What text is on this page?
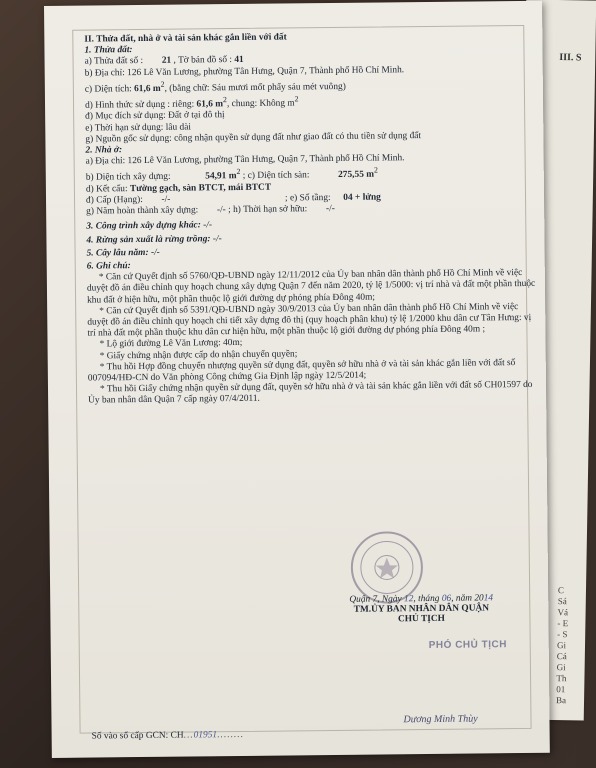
III. S
C
Sá
Vá
- E
- S
Gi
Cá
Gi
Th
01
Ba
II. Thửa đất, nhà ở và tài sản khác gắn liền với đất
1. Thửa đất:
a) Thửa đất số : 21 , Tờ bản đồ số : 41
b) Địa chỉ: 126 Lê Văn Lương, phường Tân Hưng, Quận 7, Thành phố Hồ Chí Minh.
c) Diện tích: 61,6 $m^2$, (bằng chữ: Sáu mươi mốt phẩy sáu mét vuông)
d) Hình thức sử dụng : riêng: 61,6 $m^2$, chung: Không $m^2$
đ) Mục đích sử dụng: Đất ở tại đô thị
e) Thời hạn sử dụng: lâu dài
g) Nguồn gốc sử dụng: công nhận quyền sử dụng đất như giao đất có thu tiền sử dụng đất
2. Nhà ở:
a) Địa chỉ: 126 Lê Văn Lương, phường Tân Hưng, Quận 7, Thành phố Hồ Chí Minh.
b) Diện tích xây dựng:	54,91 $m^2$ ; c) Diện tích sàn:	275,55 $m^2$
d) Kết cấu: Tường gạch, sàn BTCT, mái BTCT
đ) Cấp (Hạng): -/-	; e) Số tầng: 04 + lửng
g) Năm hoàn thành xây dựng: -/- ; h) Thời hạn sở hữu: -/-
3. Công trình xây dựng khác: -/-
4. Rừng sản xuất là rừng trồng: -/-
5. Cây lâu năm: -/-
6. Ghi chú:
* Căn cứ Quyết định số 5760/QĐ-UBND ngày 12/11/2012 của Ủy ban nhân dân thành phố Hồ Chí Minh về việc duyệt đồ án điều chỉnh quy hoạch chung xây dựng Quận 7 đến năm 2020, tỷ lệ 1/5000: vị trí nhà và đất một phần thuộc khu đất ở hiện hữu, một phần thuộc lộ giới đường dự phóng phía Đông 40m;
* Căn cứ Quyết định số 5391/QĐ-UBND ngày 30/9/2013 của Ủy ban nhân dân thành phố Hồ Chí Minh về việc duyệt đồ án điều chỉnh quy hoạch chi tiết xây dựng đô thị (quy hoạch phân khu) tỷ lệ 1/2000 khu dân cư Tân Hưng: vị trí nhà đất một phần thuộc khu dân cư hiện hữu, một phần thuộc lộ giới đường dự phóng phía Đông 40m ;
* Lộ giới đường Lê Văn Lương: 40m;
* Giấy chứng nhận được cấp do nhận chuyển quyền;
* Thu hồi Hợp đồng chuyển nhượng quyền sử dụng đất, quyền sở hữu nhà ở và tài sản khác gắn liền với đất số 007094/HĐ-CN do Văn phòng Công chứng Gia Định lập ngày 12/5/2014;
* Thu hồi Giấy chứng nhận quyền sử dụng đất, quyền sở hữu nhà ở và tài sản khác gắn liền với đất số CH01597 do Ủy ban nhân dân Quận 7 cấp ngày 07/4/2011.
Quận 7, Ngày 12, tháng 06, năm 2014
TM.ỦY BAN NHÂN DÂN QUẬN
CHỦ TỊCH
PHÓ CHỦ TỊCH
Dương Minh Thùy
Số vào sổ cấp GCN: CH...01951........
